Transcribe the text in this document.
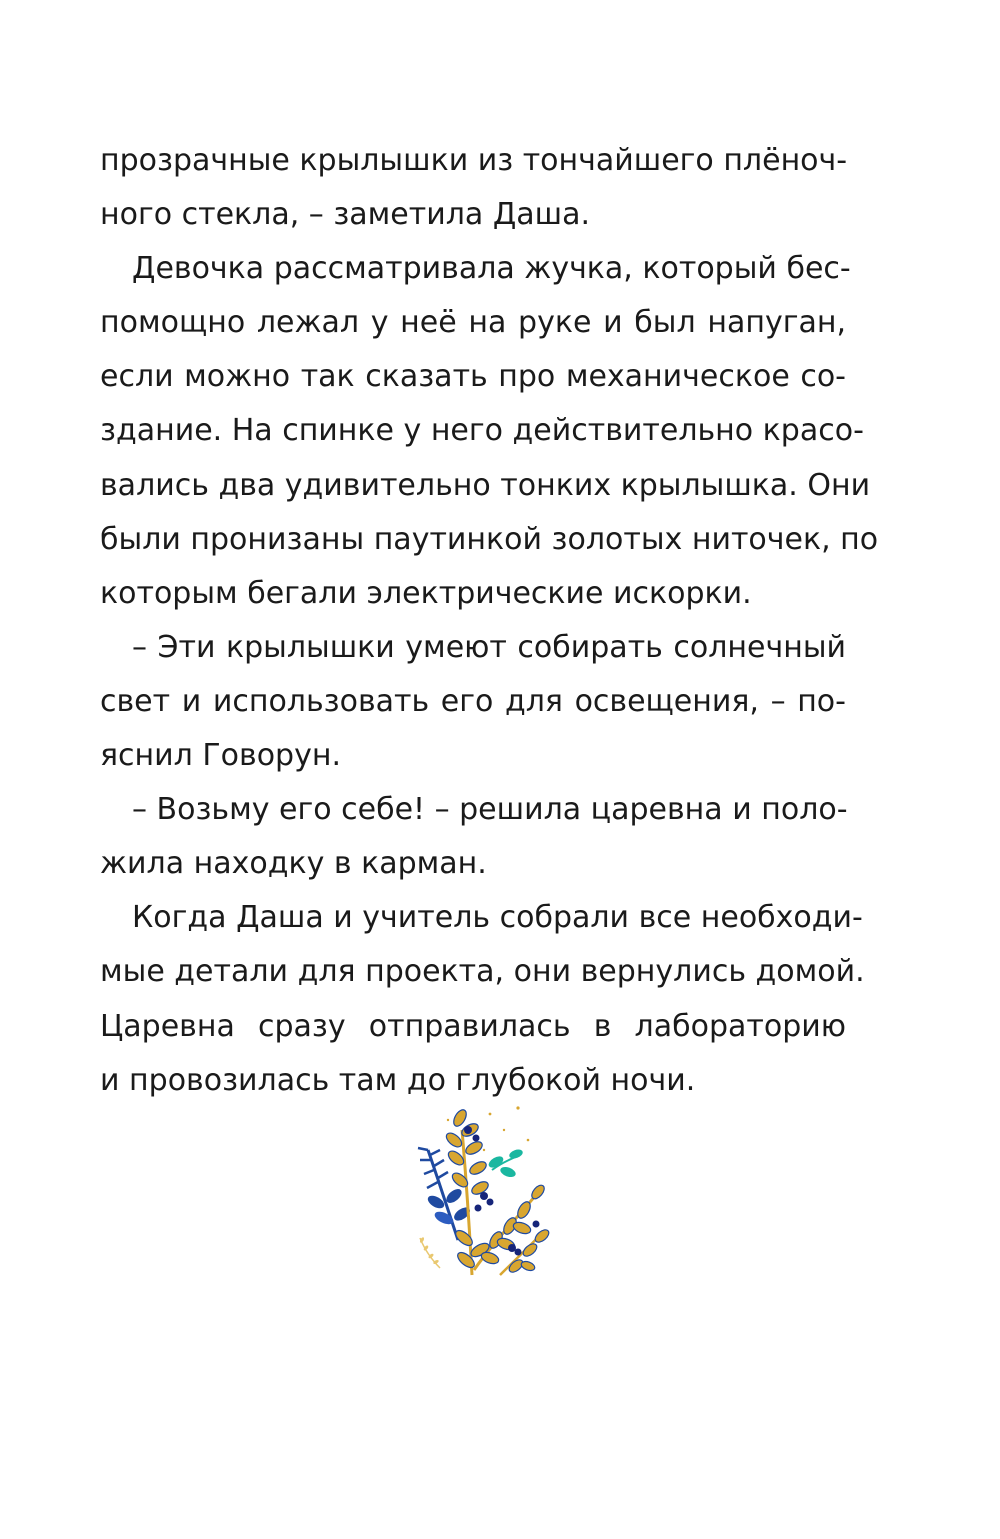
прозрачные крылышки из тончайшего плёноч-
ного стекла, – заметила Даша.
Девочка рассматривала жучка, который бес-
помощно лежал у неё на руке и был напуган,
если можно так сказать про механическое со-
здание. На спинке у него действительно красо-
вались два удивительно тонких крылышка. Они
были пронизаны паутинкой золотых ниточек, по
которым бегали электрические искорки.
– Эти крылышки умеют собирать солнечный
свет и использовать его для освещения, – по-
яснил Говорун.
– Возьму его себе! – решила царевна и поло-
жила находку в карман.
Когда Даша и учитель собрали все необходи-
мые детали для проекта, они вернулись домой.
Царевна сразу отправилась в лабораторию
и провозилась там до глубокой ночи.
